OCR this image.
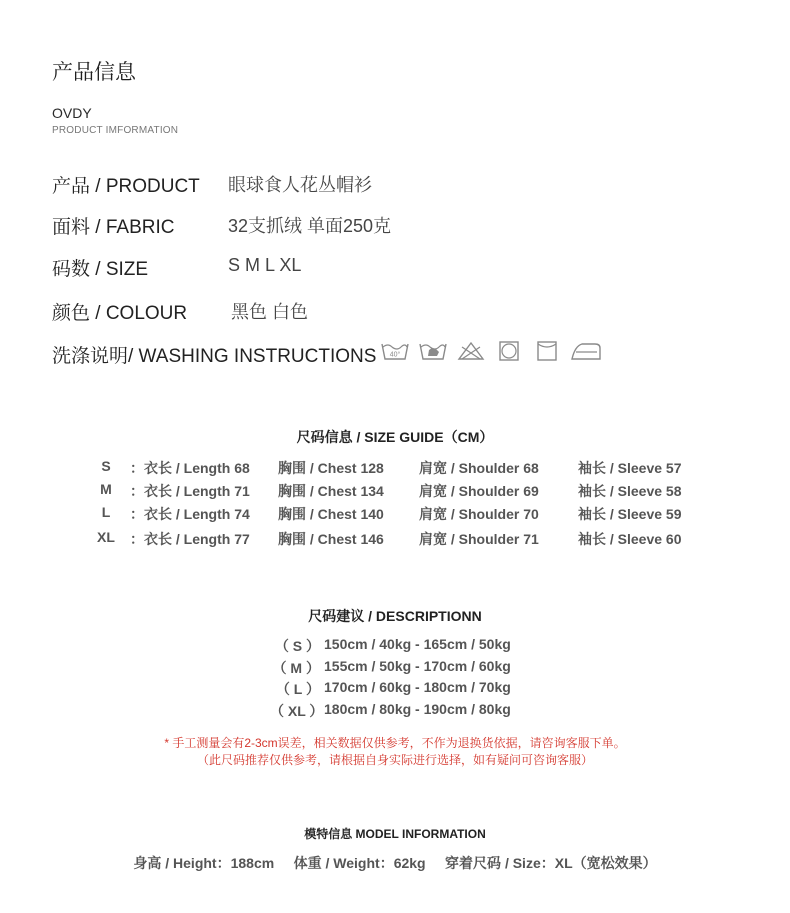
产品信息
OVDY
PRODUCT IMFORMATION
产品 / PRODUCT 眼球食人花丛帽衫
面料 / FABRIC	32支抓绒 单面250克
码数 / SIZE	S M L XL
颜色 / COLOUR 黑色 白色
洗涤说明/ WASHING INSTRUCTIONS 40°
尺码信息 / SIZE GUIDE（CM）
S	：衣长 / Length 68 胸围 / Chest 128	肩宽 / Shoulder 68	袖长 / Sleeve 57
M ：衣长 / Length 71 胸围 / Chest 134	肩宽 / Shoulder 69	袖长 / Sleeve 58
L	：衣长 / Length 74 胸围 / Chest 140	肩宽 / Shoulder 70	袖长 / Sleeve 59
XL ：衣长 / Length 77 胸围 / Chest 146	肩宽 / Shoulder 71	袖长 / Sleeve 60
尺码建议 / DESCRIPTIONN
（ S ） 150cm / 40kg - 165cm / 50kg
（ M ） 155cm / 50kg - 170cm / 60kg
（ L ） 170cm / 60kg - 180cm / 70kg
（ XL ） 180cm / 80kg - 190cm / 80kg
* 手工测量会有2-3cm误差，相关数据仅供参考，不作为退换货依据，请咨询客服下单。
（此尺码推荐仅供参考，请根据自身实际进行选择，如有疑问可咨询客服）
模特信息 MODEL INFORMATION
身高 / Height：188cm     体重 / Weight：62kg     穿着尺码 / Size：XL（宽松效果）
